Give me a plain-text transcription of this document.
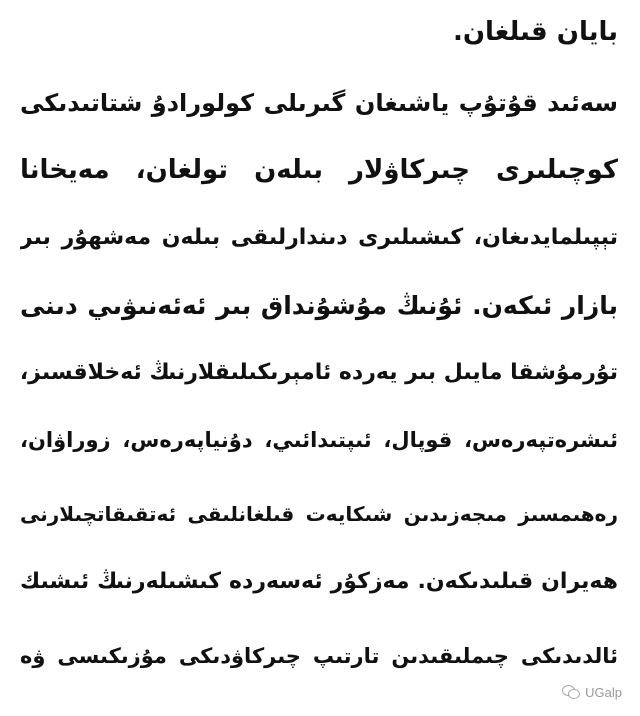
بايان قىلغان.
سەئىد قۇتۇپ ياشىغان گىرىلى كولورادۇ شتاتىدىكى
كوچىلىرى چىركاۋلار بىلەن تولغان، مەيخانا
تېپىلمايدىغان، كىشىلىرى دىندارلىقى بىلەن مەشھۇر بىر
بازار ئىكەن. ئۇنىڭ مۇشۇنداق بىر ئەئەنىۋىي دىنى
تۇرمۇشقا مايىل بىر يەردە ئامېرىكىلىقلارنىڭ ئەخلاقسىز،
ئىشرەتپەرەس، قوپال، ئىپتىدائىي، دۇنياپەرەس، زوراۋان،
رەھىمسىز مىجەزىدىن شىكايەت قىلغانلىقى ئەتقىقاتچىلارنى
ھەيران قىلىدىكەن. مەزكۇر ئەسەردە كىشىلەرنىڭ ئىشىك
ئالدىدىكى چىملىقىدىن تارتىپ چىركاۋدىكى مۇزىكىسى ۋە
UGalp
